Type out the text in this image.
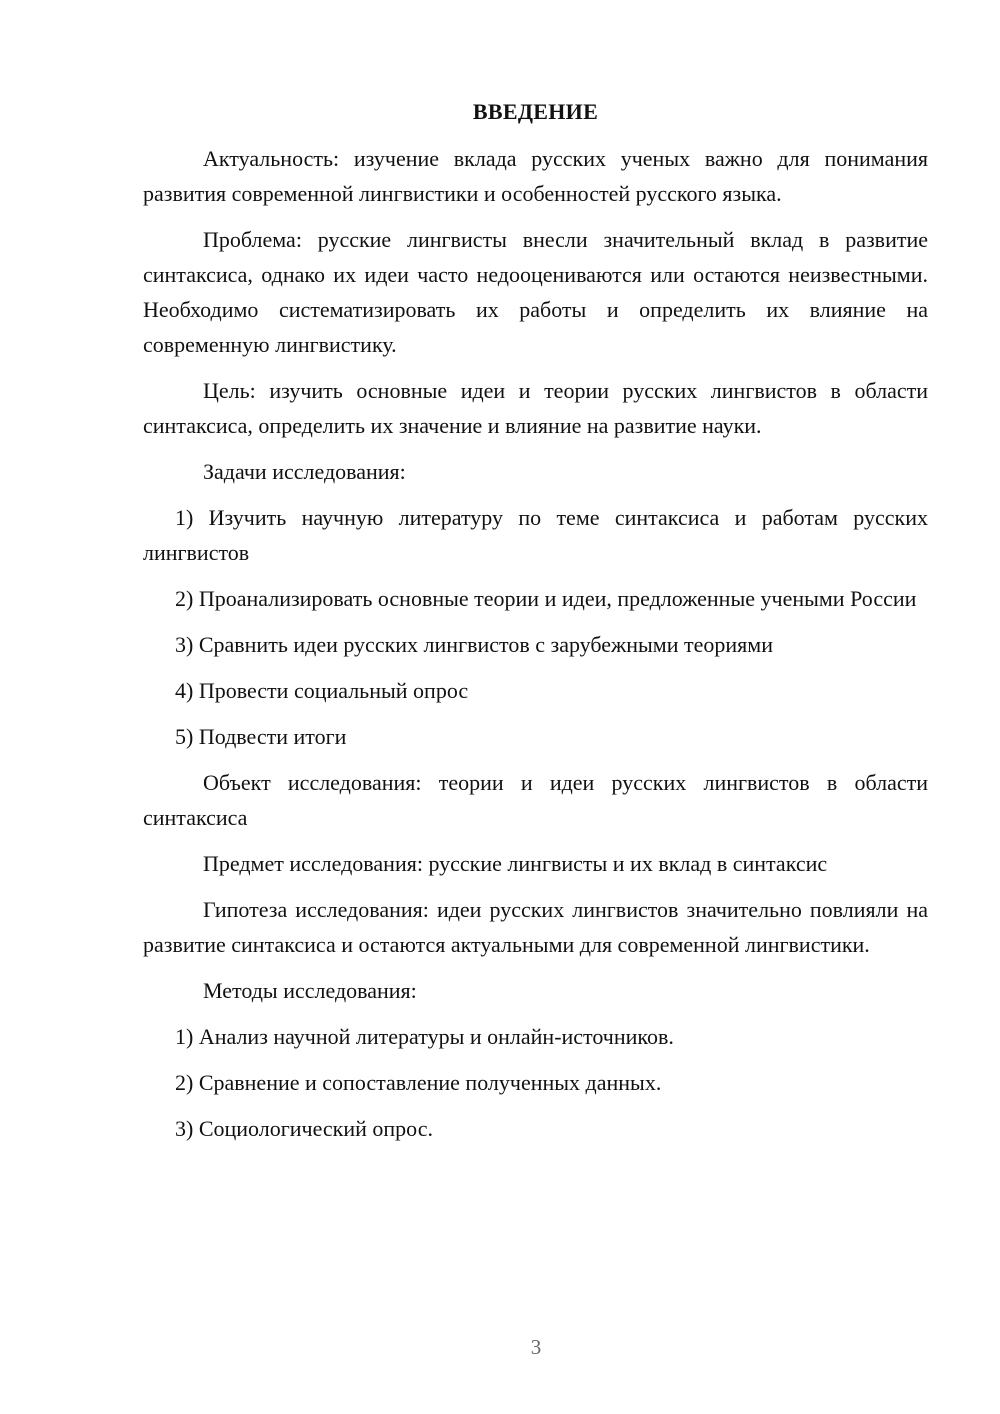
ВВЕДЕНИЕ

Актуальность: изучение вклада русских ученых важно для понимания развития современной лингвистики и особенностей русского языка.

Проблема: русские лингвисты внесли значительный вклад в развитие синтаксиса, однако их идеи часто недооцениваются или остаются неизвестными. Необходимо систематизировать их работы и определить их влияние на современную лингвистику.

Цель: изучить основные идеи и теории русских лингвистов в области синтаксиса, определить их значение и влияние на развитие науки.

Задачи исследования:

1) Изучить научную литературу по теме синтаксиса и работам русских лингвистов

2) Проанализировать основные теории и идеи, предложенные учеными России

3) Сравнить идеи русских лингвистов с зарубежными теориями

4) Провести социальный опрос

5) Подвести итоги

Объект исследования: теории и идеи русских лингвистов в области синтаксиса

Предмет исследования: русские лингвисты и их вклад в синтаксис

Гипотеза исследования: идеи русских лингвистов значительно повлияли на развитие синтаксиса и остаются актуальными для современной лингвистики.

Методы исследования:

1) Анализ научной литературы и онлайн-источников.

2) Сравнение и сопоставление полученных данных.

3) Социологический опрос.

3
